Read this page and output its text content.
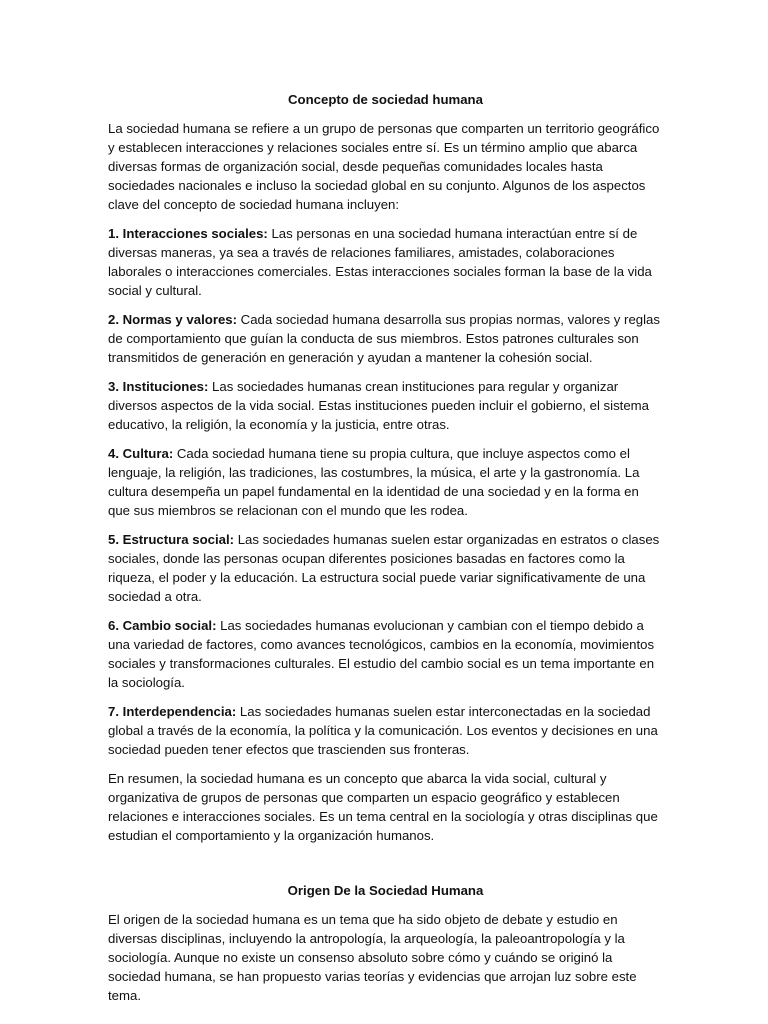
Concepto de sociedad humana

La sociedad humana se refiere a un grupo de personas que comparten un territorio geográfico y establecen interacciones y relaciones sociales entre sí. Es un término amplio que abarca diversas formas de organización social, desde pequeñas comunidades locales hasta sociedades nacionales e incluso la sociedad global en su conjunto. Algunos de los aspectos clave del concepto de sociedad humana incluyen:

1. Interacciones sociales: Las personas en una sociedad humana interactúan entre sí de diversas maneras, ya sea a través de relaciones familiares, amistades, colaboraciones laborales o interacciones comerciales. Estas interacciones sociales forman la base de la vida social y cultural.

2. Normas y valores: Cada sociedad humana desarrolla sus propias normas, valores y reglas de comportamiento que guían la conducta de sus miembros. Estos patrones culturales son transmitidos de generación en generación y ayudan a mantener la cohesión social.

3. Instituciones: Las sociedades humanas crean instituciones para regular y organizar diversos aspectos de la vida social. Estas instituciones pueden incluir el gobierno, el sistema educativo, la religión, la economía y la justicia, entre otras.

4. Cultura: Cada sociedad humana tiene su propia cultura, que incluye aspectos como el lenguaje, la religión, las tradiciones, las costumbres, la música, el arte y la gastronomía. La cultura desempeña un papel fundamental en la identidad de una sociedad y en la forma en que sus miembros se relacionan con el mundo que les rodea.

5. Estructura social: Las sociedades humanas suelen estar organizadas en estratos o clases sociales, donde las personas ocupan diferentes posiciones basadas en factores como la riqueza, el poder y la educación. La estructura social puede variar significativamente de una sociedad a otra.

6. Cambio social: Las sociedades humanas evolucionan y cambian con el tiempo debido a una variedad de factores, como avances tecnológicos, cambios en la economía, movimientos sociales y transformaciones culturales. El estudio del cambio social es un tema importante en la sociología.

7. Interdependencia: Las sociedades humanas suelen estar interconectadas en la sociedad global a través de la economía, la política y la comunicación. Los eventos y decisiones en una sociedad pueden tener efectos que trascienden sus fronteras.

En resumen, la sociedad humana es un concepto que abarca la vida social, cultural y organizativa de grupos de personas que comparten un espacio geográfico y establecen relaciones e interacciones sociales. Es un tema central en la sociología y otras disciplinas que estudian el comportamiento y la organización humanos.

Origen De la Sociedad Humana

El origen de la sociedad humana es un tema que ha sido objeto de debate y estudio en diversas disciplinas, incluyendo la antropología, la arqueología, la paleoantropología y la sociología. Aunque no existe un consenso absoluto sobre cómo y cuándo se originó la sociedad humana, se han propuesto varias teorías y evidencias que arrojan luz sobre este tema.
